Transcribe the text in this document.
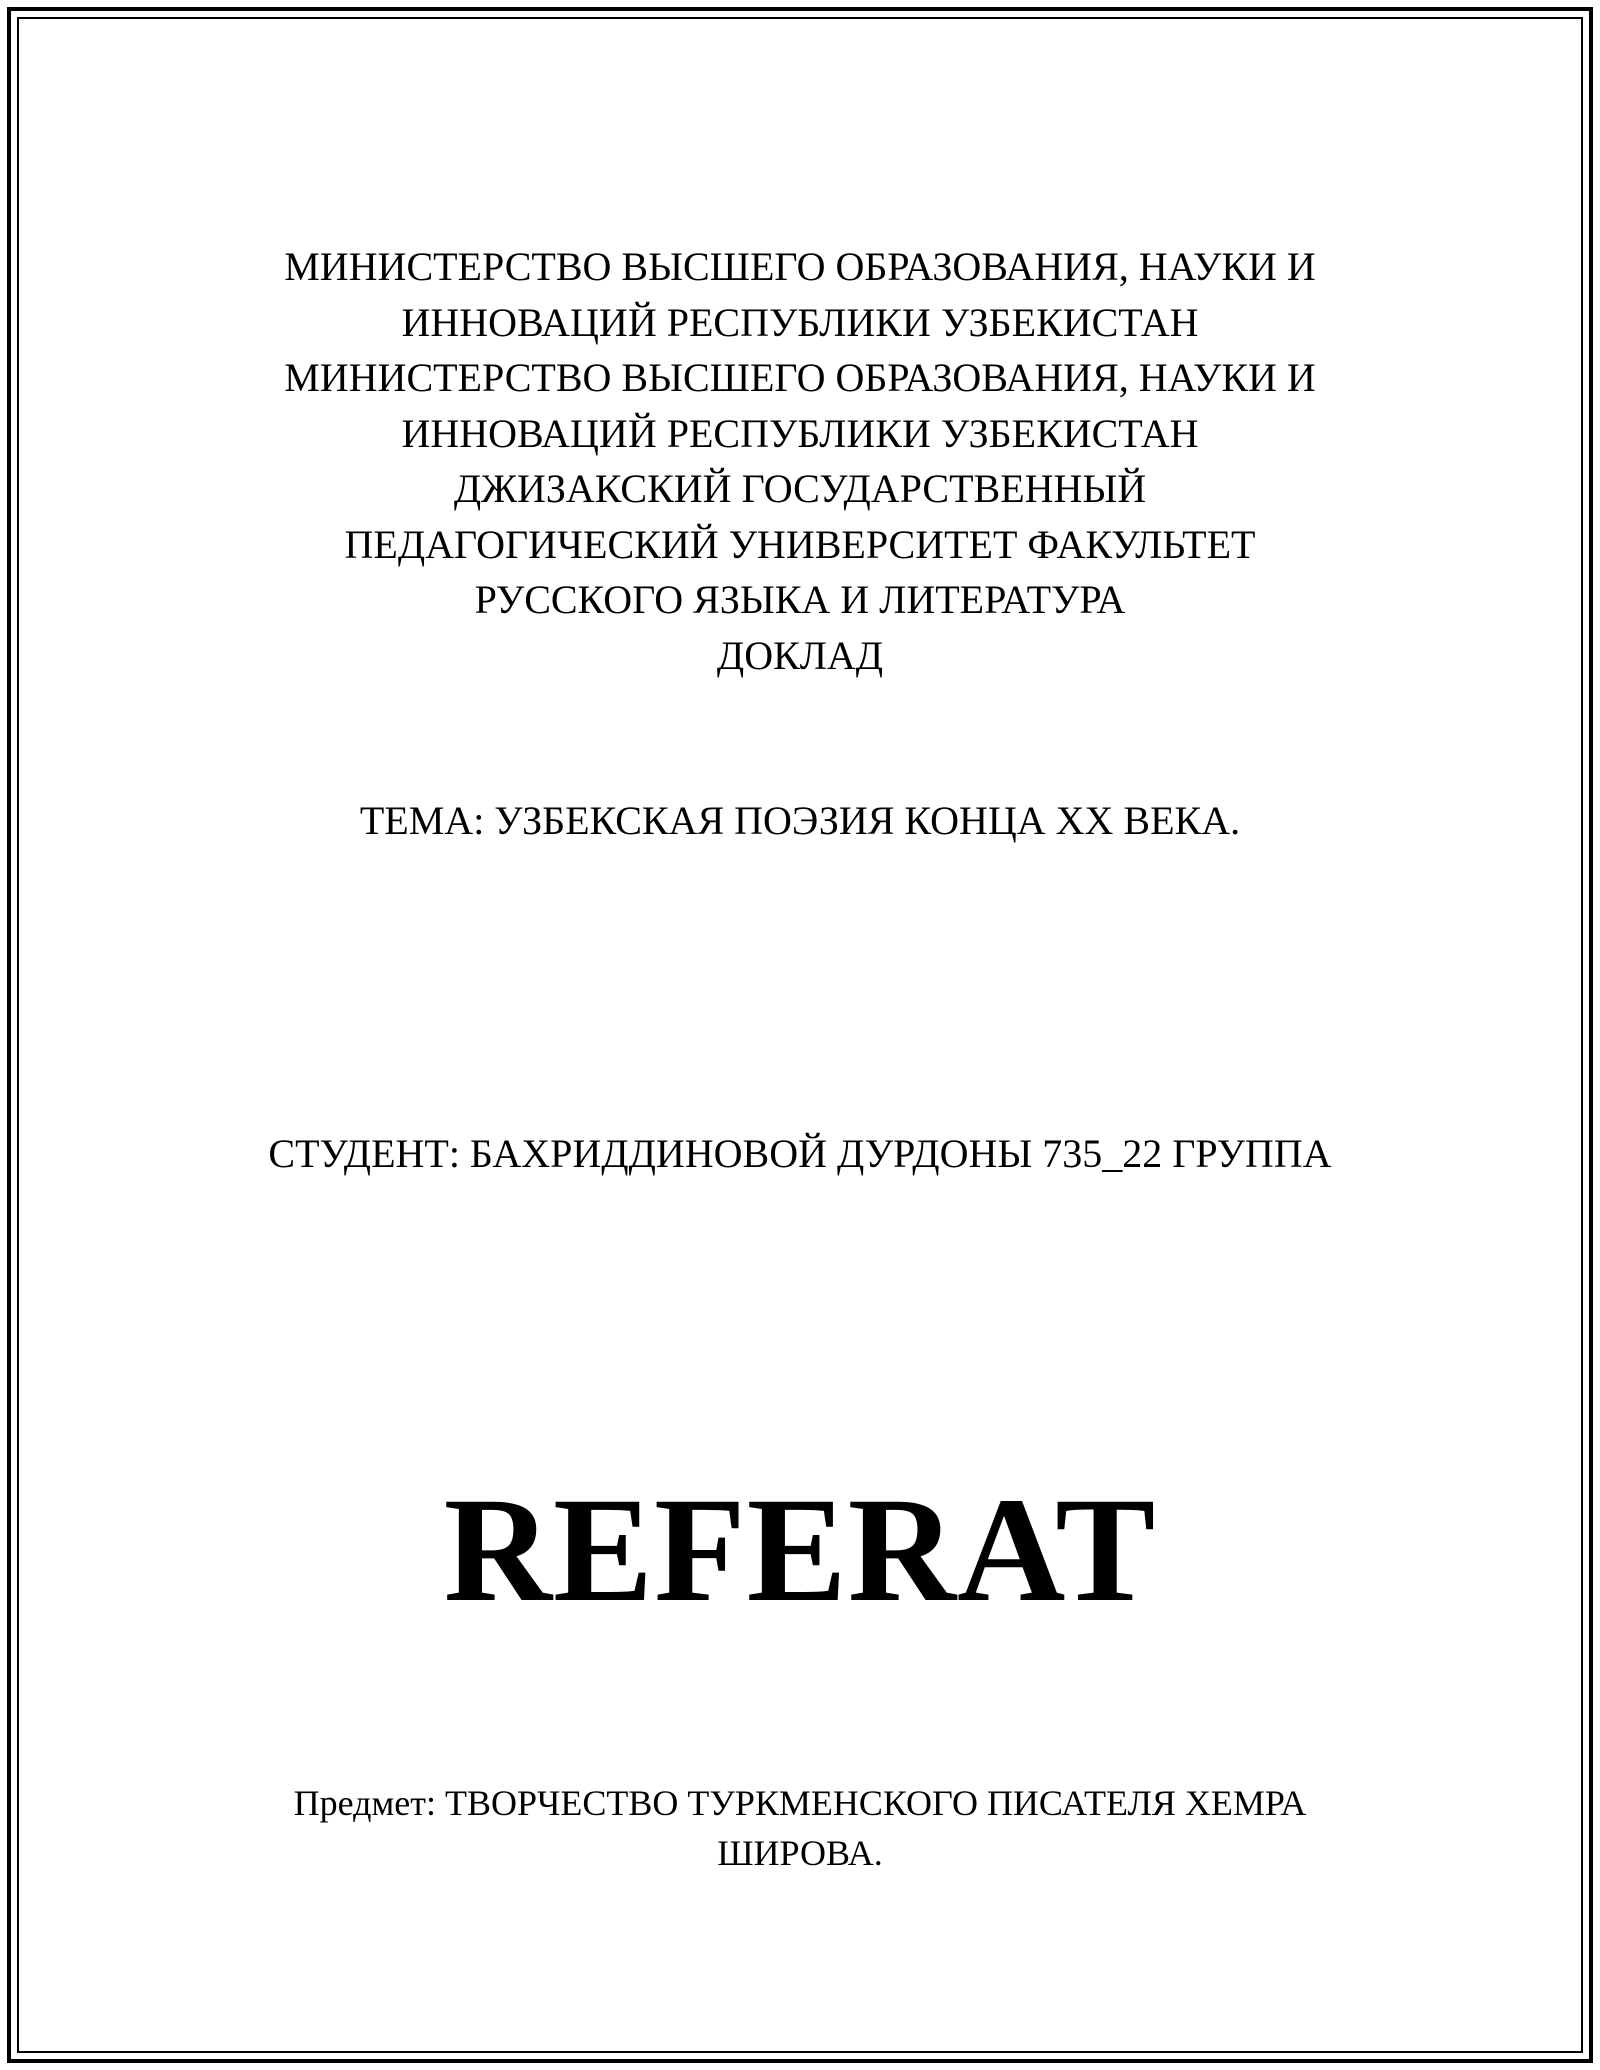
МИНИСТЕРСТВО ВЫСШЕГО ОБРАЗОВАНИЯ, НАУКИ И
ИННОВАЦИЙ РЕСПУБЛИКИ УЗБЕКИСТАН
МИНИСТЕРСТВО ВЫСШЕГО ОБРАЗОВАНИЯ, НАУКИ И
ИННОВАЦИЙ РЕСПУБЛИКИ УЗБЕКИСТАН
ДЖИЗАКСКИЙ ГОСУДАРСТВЕННЫЙ
ПЕДАГОГИЧЕСКИЙ УНИВЕРСИТЕТ ФАКУЛЬТЕТ
РУССКОГО ЯЗЫКА И ЛИТЕРАТУРА
ДОКЛАД
ТЕМА: УЗБЕКСКАЯ ПОЭЗИЯ КОНЦА XX ВЕКА.
СТУДЕНТ: БАХРИДДИНОВОЙ ДУРДОНЫ 735_22 ГРУППА
REFERAT
Предмет: ТВОРЧЕСТВО ТУРКМЕНСКОГО ПИСАТЕЛЯ ХЕМРА
ШИРОВА.
